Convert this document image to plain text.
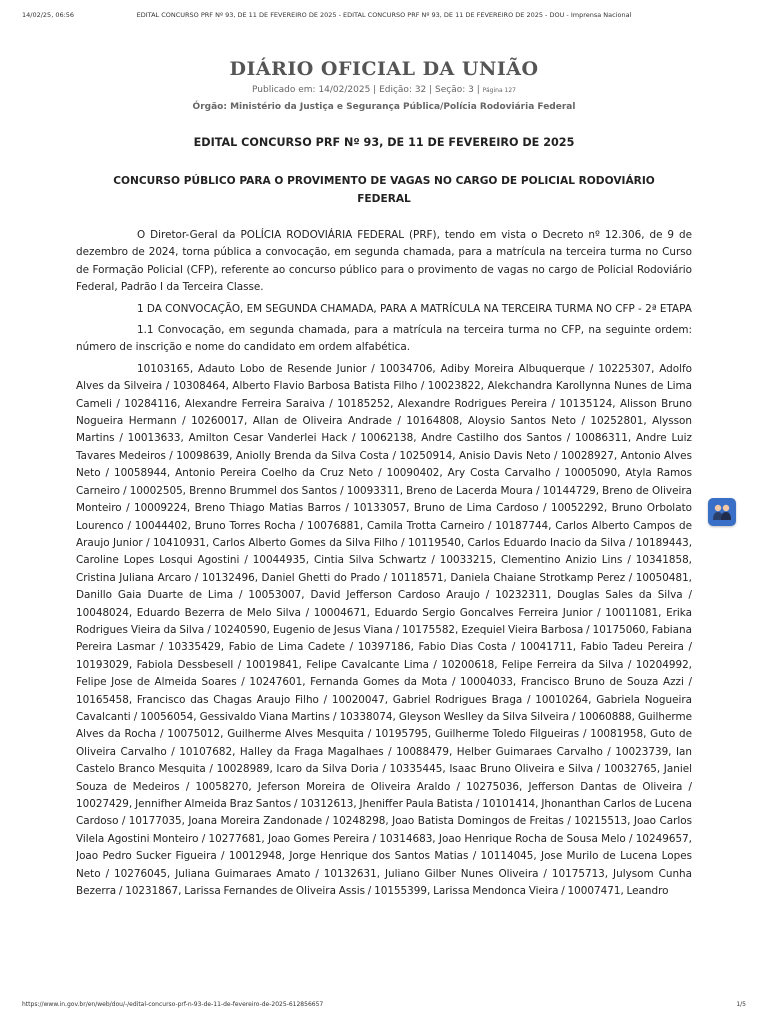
14/02/25, 06:56	EDITAL CONCURSO PRF Nº 93, DE 11 DE FEVEREIRO DE 2025 - EDITAL CONCURSO PRF Nº 93, DE 11 DE FEVEREIRO DE 2025 - DOU - Imprensa Nacional
DIÁRIO OFICIAL DA UNIÃO
Publicado em: 14/02/2025 | Edição: 32 | Seção: 3 | Página 127
Órgão: Ministério da Justiça e Segurança Pública/Polícia Rodoviária Federal
EDITAL CONCURSO PRF Nº 93, DE 11 DE FEVEREIRO DE 2025
CONCURSO PÚBLICO PARA O PROVIMENTO DE VAGAS NO CARGO DE POLICIAL RODOVIÁRIO FEDERAL

O Diretor-Geral da POLÍCIA RODOVIÁRIA FEDERAL (PRF), tendo em vista o Decreto nº 12.306, de 9 de dezembro de 2024, torna pública a convocação, em segunda chamada, para a matrícula na terceira turma no Curso de Formação Policial (CFP), referente ao concurso público para o provimento de vagas no cargo de Policial Rodoviário Federal, Padrão I da Terceira Classe.

1 DA CONVOCAÇÃO, EM SEGUNDA CHAMADA, PARA A MATRÍCULA NA TERCEIRA TURMA NO CFP - 2ª ETAPA

1.1 Convocação, em segunda chamada, para a matrícula na terceira turma no CFP, na seguinte ordem: número de inscrição e nome do candidato em ordem alfabética.

10103165, Adauto Lobo de Resende Junior / 10034706, Adiby Moreira Albuquerque / 10225307, Adolfo Alves da Silveira / 10308464, Alberto Flavio Barbosa Batista Filho / 10023822, Alekchandra Karollynna Nunes de Lima Cameli / 10284116, Alexandre Ferreira Saraiva / 10185252, Alexandre Rodrigues Pereira / 10135124, Alisson Bruno Nogueira Hermann / 10260017, Allan de Oliveira Andrade / 10164808, Aloysio Santos Neto / 10252801, Alysson Martins / 10013633, Amilton Cesar Vanderlei Hack / 10062138, Andre Castilho dos Santos / 10086311, Andre Luiz Tavares Medeiros / 10098639, Aniolly Brenda da Silva Costa / 10250914, Anisio Davis Neto / 10028927, Antonio Alves Neto / 10058944, Antonio Pereira Coelho da Cruz Neto / 10090402, Ary Costa Carvalho / 10005090, Atyla Ramos Carneiro / 10002505, Brenno Brummel dos Santos / 10093311, Breno de Lacerda Moura / 10144729, Breno de Oliveira Monteiro / 10009224, Breno Thiago Matias Barros / 10133057, Bruno de Lima Cardoso / 10052292, Bruno Orbolato Lourenco / 10044402, Bruno Torres Rocha / 10076881, Camila Trotta Carneiro / 10187744, Carlos Alberto Campos de Araujo Junior / 10410931, Carlos Alberto Gomes da Silva Filho / 10119540, Carlos Eduardo Inacio da Silva / 10189443, Caroline Lopes Losqui Agostini / 10044935, Cintia Silva Schwartz / 10033215, Clementino Anizio Lins / 10341858, Cristina Juliana Arcaro / 10132496, Daniel Ghetti do Prado / 10118571, Daniela Chaiane Strotkamp Perez / 10050481, Danillo Gaia Duarte de Lima / 10053007, David Jefferson Cardoso Araujo / 10232311, Douglas Sales da Silva / 10048024, Eduardo Bezerra de Melo Silva / 10004671, Eduardo Sergio Goncalves Ferreira Junior / 10011081, Erika Rodrigues Vieira da Silva / 10240590, Eugenio de Jesus Viana / 10175582, Ezequiel Vieira Barbosa / 10175060, Fabiana Pereira Lasmar / 10335429, Fabio de Lima Cadete / 10397186, Fabio Dias Costa / 10041711, Fabio Tadeu Pereira / 10193029, Fabiola Dessbesell / 10019841, Felipe Cavalcante Lima / 10200618, Felipe Ferreira da Silva / 10204992, Felipe Jose de Almeida Soares / 10247601, Fernanda Gomes da Mota / 10004033, Francisco Bruno de Souza Azzi / 10165458, Francisco das Chagas Araujo Filho / 10020047, Gabriel Rodrigues Braga / 10010264, Gabriela Nogueira Cavalcanti / 10056054, Gessivaldo Viana Martins / 10338074, Gleyson Weslley da Silva Silveira / 10060888, Guilherme Alves da Rocha / 10075012, Guilherme Alves Mesquita / 10195795, Guilherme Toledo Filgueiras / 10081958, Guto de Oliveira Carvalho / 10107682, Halley da Fraga Magalhaes / 10088479, Helber Guimaraes Carvalho / 10023739, Ian Castelo Branco Mesquita / 10028989, Icaro da Silva Doria / 10335445, Isaac Bruno Oliveira e Silva / 10032765, Janiel Souza de Medeiros / 10058270, Jeferson Moreira de Oliveira Araldo / 10275036, Jefferson Dantas de Oliveira / 10027429, Jennifher Almeida Braz Santos / 10312613, Jheniffer Paula Batista / 10101414, Jhonanthan Carlos de Lucena Cardoso / 10177035, Joana Moreira Zandonade / 10248298, Joao Batista Domingos de Freitas / 10215513, Joao Carlos Vilela Agostini Monteiro / 10277681, Joao Gomes Pereira / 10314683, Joao Henrique Rocha de Sousa Melo / 10249657, Joao Pedro Sucker Figueira / 10012948, Jorge Henrique dos Santos Matias / 10114045, Jose Murilo de Lucena Lopes Neto / 10276045, Juliana Guimaraes Amato / 10132631, Juliano Gilber Nunes Oliveira / 10175713, Julysom Cunha Bezerra / 10231867, Larissa Fernandes de Oliveira Assis / 10155399, Larissa Mendonca Vieira / 10007471, Leandro

https://www.in.gov.br/en/web/dou/-/edital-concurso-prf-n-93-de-11-de-fevereiro-de-2025-612856657	1/5
